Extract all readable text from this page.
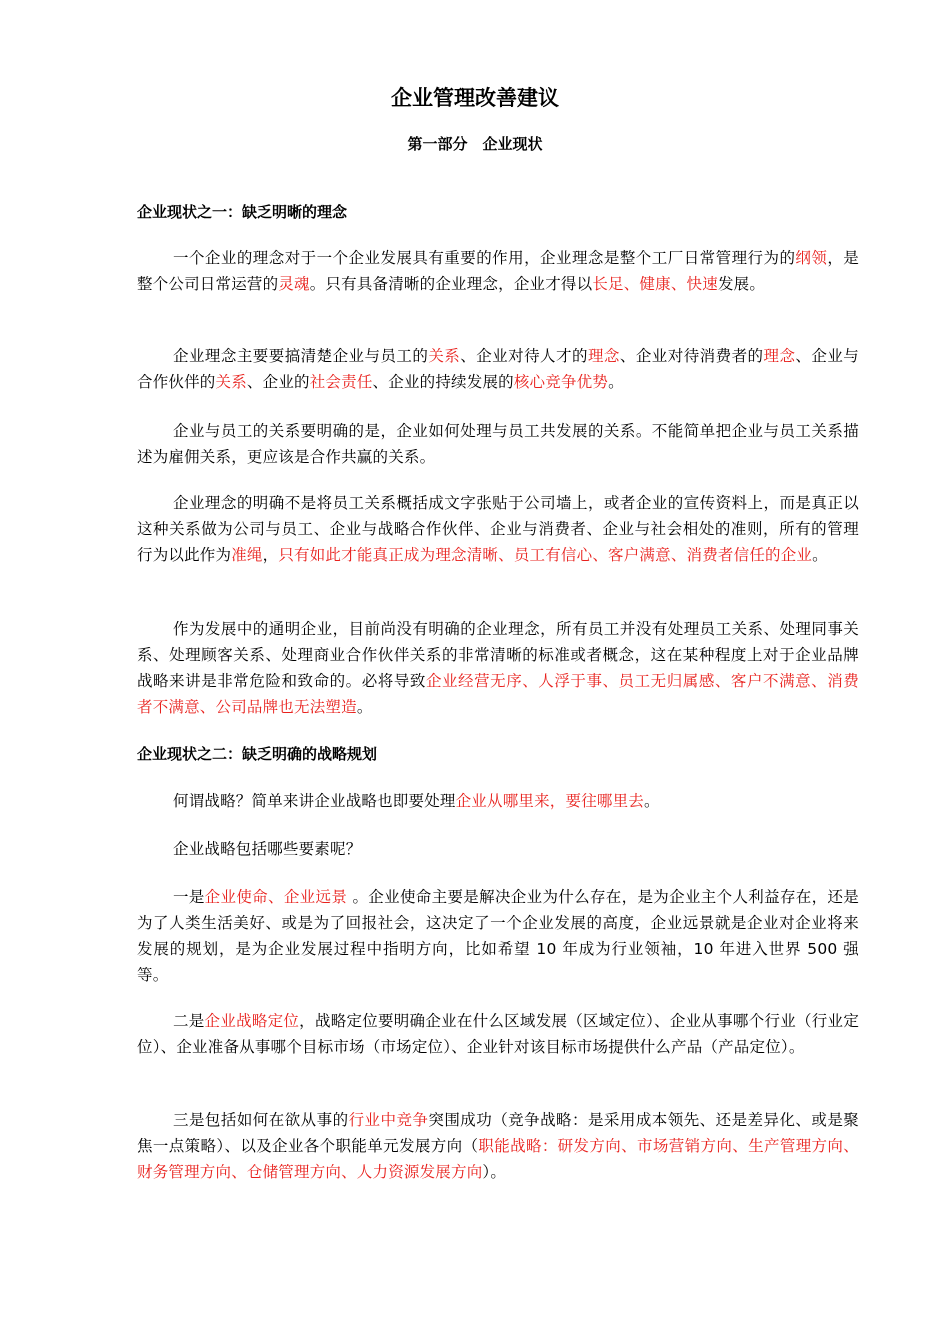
企业管理改善建议
第一部分　企业现状
企业现状之一：缺乏明晰的理念
一个企业的理念对于一个企业发展具有重要的作用，企业理念是整个工厂日常管理行为的纲领，是整个公司日常运营的灵魂。只有具备清晰的企业理念，企业才得以长足、健康、快速发展。
企业理念主要要搞清楚企业与员工的关系、企业对待人才的理念、企业对待消费者的理念、企业与合作伙伴的关系、企业的社会责任、企业的持续发展的核心竞争优势。
企业与员工的关系要明确的是，企业如何处理与员工共发展的关系。不能简单把企业与员工关系描述为雇佣关系，更应该是合作共赢的关系。
企业理念的明确不是将员工关系概括成文字张贴于公司墙上，或者企业的宣传资料上，而是真正以这种关系做为公司与员工、企业与战略合作伙伴、企业与消费者、企业与社会相处的准则，所有的管理行为以此作为准绳，只有如此才能真正成为理念清晰、员工有信心、客户满意、消费者信任的企业。
作为发展中的通明企业，目前尚没有明确的企业理念，所有员工并没有处理员工关系、处理同事关系、处理顾客关系、处理商业合作伙伴关系的非常清晰的标准或者概念，这在某种程度上对于企业品牌战略来讲是非常危险和致命的。必将导致企业经营无序、人浮于事、员工无归属感、客户不满意、消费者不满意、公司品牌也无法塑造。
企业现状之二：缺乏明确的战略规划
何谓战略？简单来讲企业战略也即要处理企业从哪里来，要往哪里去。
企业战略包括哪些要素呢？
一是企业使命、企业远景 。企业使命主要是解决企业为什么存在，是为企业主个人利益存在，还是为了人类生活美好、或是为了回报社会，这决定了一个企业发展的高度，企业远景就是企业对企业将来发展的规划，是为企业发展过程中指明方向，比如希望 10 年成为行业领袖，10 年进入世界 500 强等。
二是企业战略定位，战略定位要明确企业在什么区域发展（区域定位）、企业从事哪个行业（行业定位）、企业准备从事哪个目标市场（市场定位）、企业针对该目标市场提供什么产品（产品定位）。
三是包括如何在欲从事的行业中竞争突围成功（竞争战略：是采用成本领先、还是差异化、或是聚焦一点策略）、以及企业各个职能单元发展方向（职能战略：研发方向、市场营销方向、生产管理方向、财务管理方向、仓储管理方向、人力资源发展方向）。
